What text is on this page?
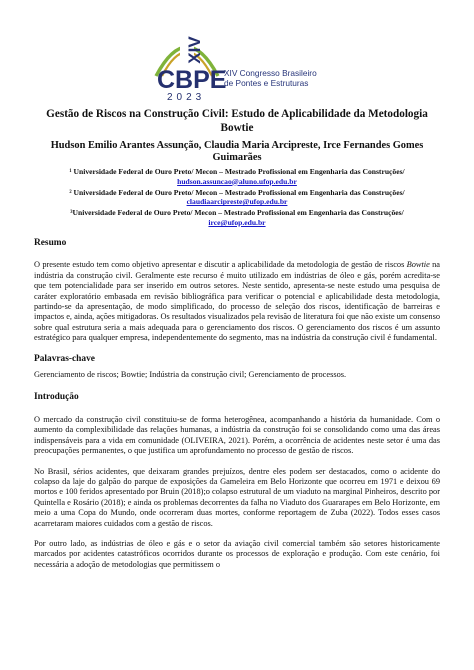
XIV
CBPE
2023
XIV Congresso Brasileiro
de Pontes e Estruturas
Gestão de Riscos na Construção Civil: Estudo de Aplicabilidade da Metodologia
Bowtie
Hudson Emilio Arantes Assunção, Claudia Maria Arcipreste, Irce Fernandes Gomes
Guimarães
¹ Universidade Federal de Ouro Preto/ Mecon – Mestrado Profissional em Engenharia das Construções/
hudson.assuncao@aluno.ufop.edu.br
² Universidade Federal de Ouro Preto/ Mecon – Mestrado Profissional em Engenharia das Construções/
claudiaarcipreste@ufop.edu.br
³Universidade Federal de Ouro Preto/ Mecon – Mestrado Profissional em Engenharia das Construções/
irce@ufop.edu.br
Resumo

O presente estudo tem como objetivo apresentar e discutir a aplicabilidade da metodologia de gestão de riscos Bowtie na indústria da construção civil. Geralmente este recurso é muito utilizado em indústrias de óleo e gás, porém acredita-se que tem potencialidade para ser inserido em outros setores. Neste sentido, apresenta-se neste estudo uma pesquisa de caráter exploratório embasada em revisão bibliográfica para verificar o potencial e aplicabilidade desta metodologia, partindo-se da apresentação, de modo simplificado, do processo de seleção dos riscos, identificação de barreiras e impactos e, ainda, ações mitigadoras. Os resultados visualizados pela revisão de literatura foi que não existe um consenso sobre qual estrutura seria a mais adequada para o gerenciamento dos riscos. O gerenciamento dos riscos é um assunto estratégico para qualquer empresa, independentemente do segmento, mas na indústria da construção civil é fundamental.

Palavras-chave

Gerenciamento de riscos; Bowtie; Indústria da construção civil; Gerenciamento de processos.

Introdução

O mercado da construção civil constituiu-se de forma heterogênea, acompanhando a história da humanidade. Com o aumento da complexibilidade das relações humanas, a indústria da construção foi se consolidando como uma das áreas indispensáveis para a vida em comunidade (OLIVEIRA, 2021). Porém, a ocorrência de acidentes neste setor é uma das preocupações permanentes, o que justifica um aprofundamento no processo de gestão de riscos.

No Brasil, sérios acidentes, que deixaram grandes prejuízos, dentre eles podem ser destacados, como o acidente do colapso da laje do galpão do parque de exposições da Gameleira em Belo Horizonte que ocorreu em 1971 e deixou 69 mortos e 100 feridos apresentado por Bruin (2018);o colapso estrutural de um viaduto na marginal Pinheiros, descrito por Quintella e Rosário (2018); e ainda os problemas decorrentes da falha no Viaduto dos Guararapes em Belo Horizonte, em meio a uma Copa do Mundo, onde ocorreram duas mortes, conforme reportagem de Zuba (2022). Todos esses casos acarretaram maiores cuidados com a gestão de riscos.

Por outro lado, as indústrias de óleo e gás e o setor da aviação civil comercial também são setores historicamente marcados por acidentes catastróficos ocorridos durante os processos de exploração e produção. Com este cenário, foi necessária a adoção de metodologias que permitissem o
